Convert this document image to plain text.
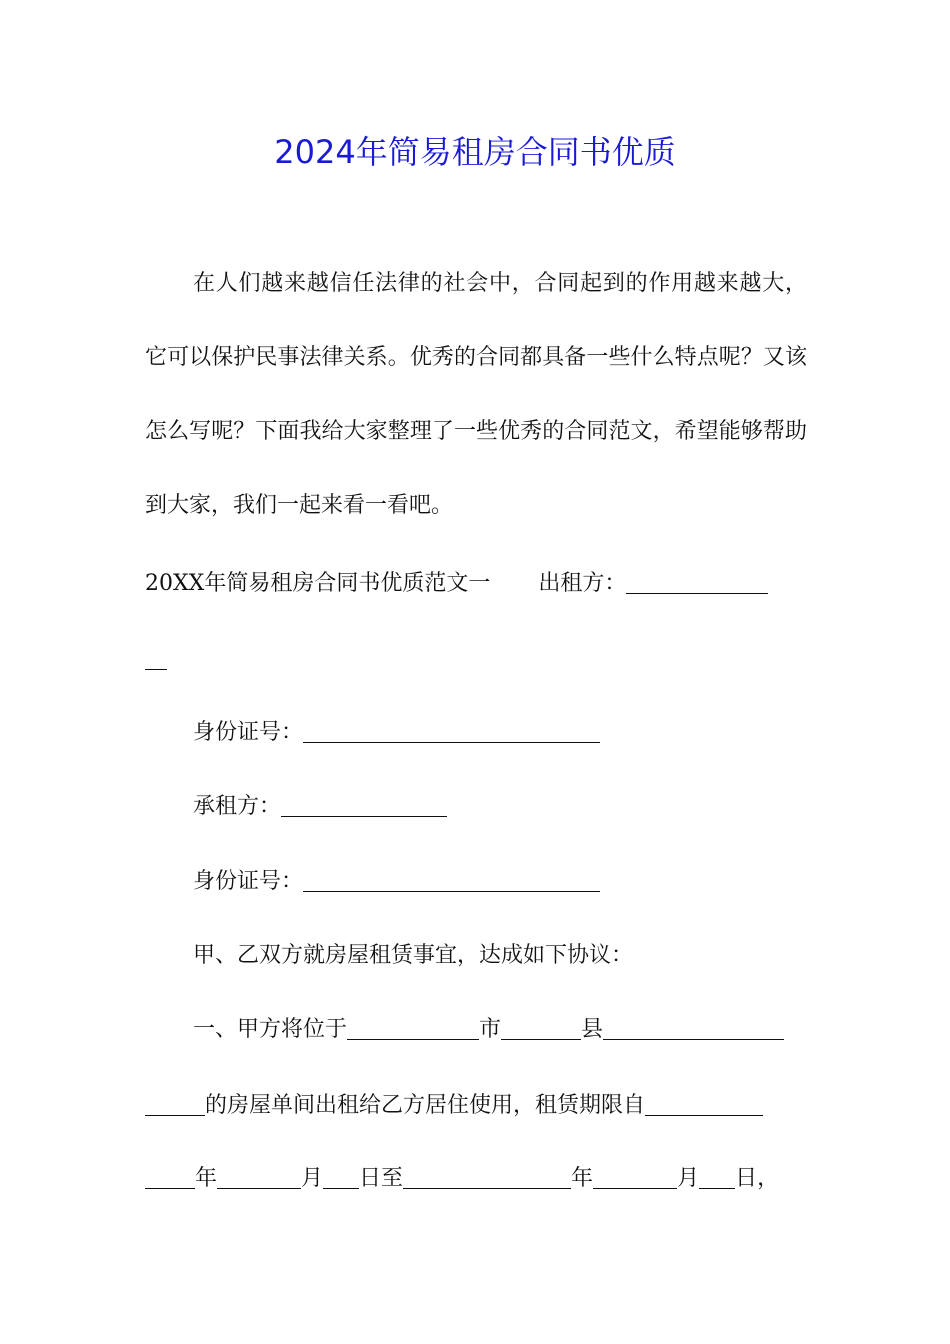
2024年简易租房合同书优质

在人们越来越信任法律的社会中，合同起到的作用越来越大，它可以保护民事法律关系。优秀的合同都具备一些什么特点呢？又该怎么写呢？下面我给大家整理了一些优秀的合同范文，希望能够帮助到大家，我们一起来看一看吧。

20XX年简易租房合同书优质范文一 出租方：
身份证号：
承租方：
身份证号：
甲、乙双方就房屋租赁事宜，达成如下协议：
一、甲方将位于	市	县
的房屋单间出租给乙方居住使用，租赁期限自
年	月 日至	年	月 日，
